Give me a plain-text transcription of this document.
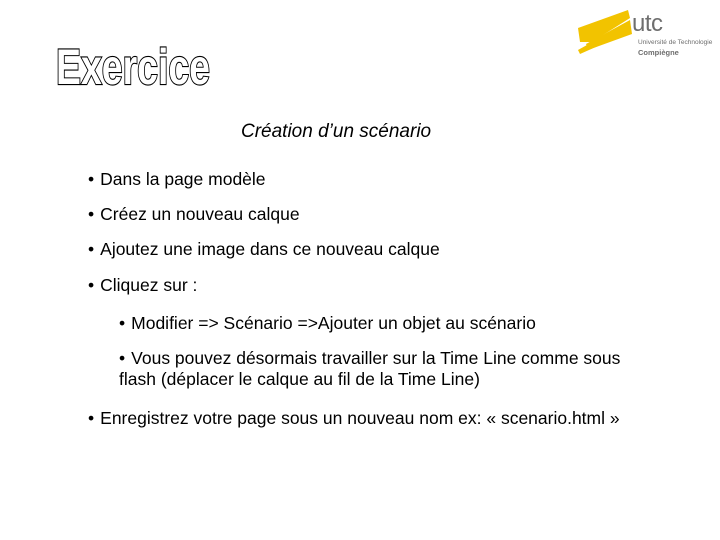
utc
Université de Technologie
Compiègne
Exercice
Création d’un scénario
• Dans la page modèle
• Créez un nouveau calque
• Ajoutez une image dans ce nouveau calque
• Cliquez sur :
• Modifier => Scénario =>Ajouter un objet au scénario
• Vous pouvez désormais travailler sur la Time Line comme sous
flash (déplacer le calque au fil de la Time Line)
• Enregistrez votre page sous un nouveau nom ex: « scenario.html »
